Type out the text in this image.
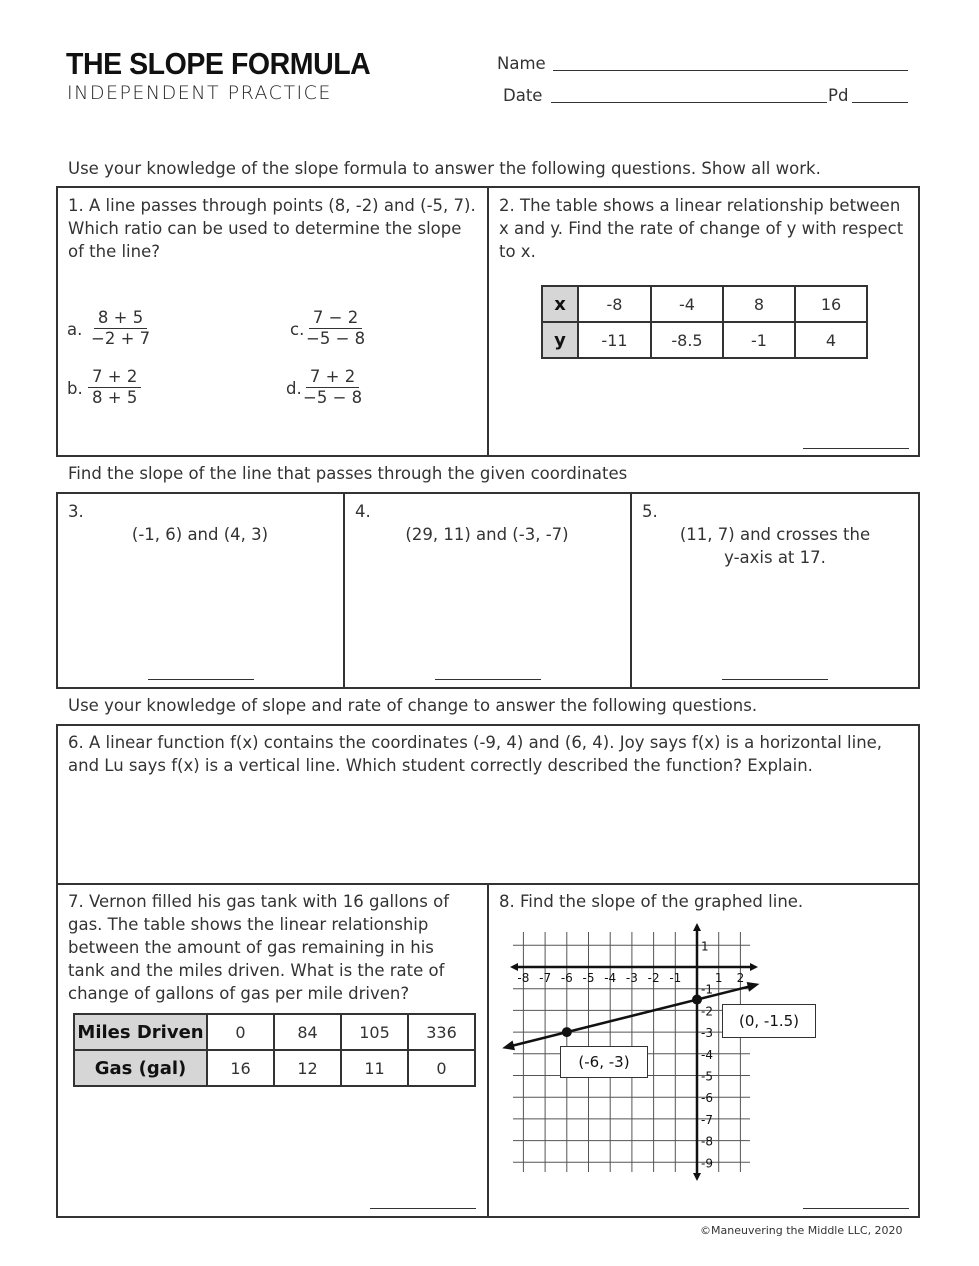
THE SLOPE FORMULA
INDEPENDENT PRACTICE
Name
Date	Pd
Use your knowledge of the slope formula to answer the following questions. Show all work.
1. A line passes through points (8, -2) and (-5, 7). Which ratio can be used to determine the slope of the line?
a. $\frac{8 + 5}{-2 + 7}$
b. $\frac{7 + 2}{8 + 5}$
c. $\frac{7 - 2}{-5 - 8}$
d. $\frac{7 + 2}{-5 - 8}$
2. The table shows a linear relationship between x and y. Find the rate of change of y with respect to x.
x	-8	-4	8	16
y	-11	-8.5	-1	4
Find the slope of the line that passes through the given coordinates
3.
(-1, 6) and (4, 3)
4.
(29, 11) and (-3, -7)
5.
(11, 7) and crosses the y-axis at 17.
Use your knowledge of slope and rate of change to answer the following questions.
6. A linear function f(x) contains the coordinates (-9, 4) and (6, 4). Joy says f(x) is a horizontal line, and Lu says f(x) is a vertical line. Which student correctly described the function? Explain.
7. Vernon filled his gas tank with 16 gallons of gas. The table shows the linear relationship between the amount of gas remaining in his tank and the miles driven. What is the rate of change of gallons of gas per mile driven?
Miles Driven	0	84	105	336
Gas (gal)	16	12	11	0
8. Find the slope of the graphed line.
-8 -7 -6 -5 -4 -3 -2 -1	1 2
1
-1
-2
-3
-4
-5
-6
-7
-8
-9
(0, -1.5)
(-6, -3)
©Maneuvering the Middle LLC, 2020
